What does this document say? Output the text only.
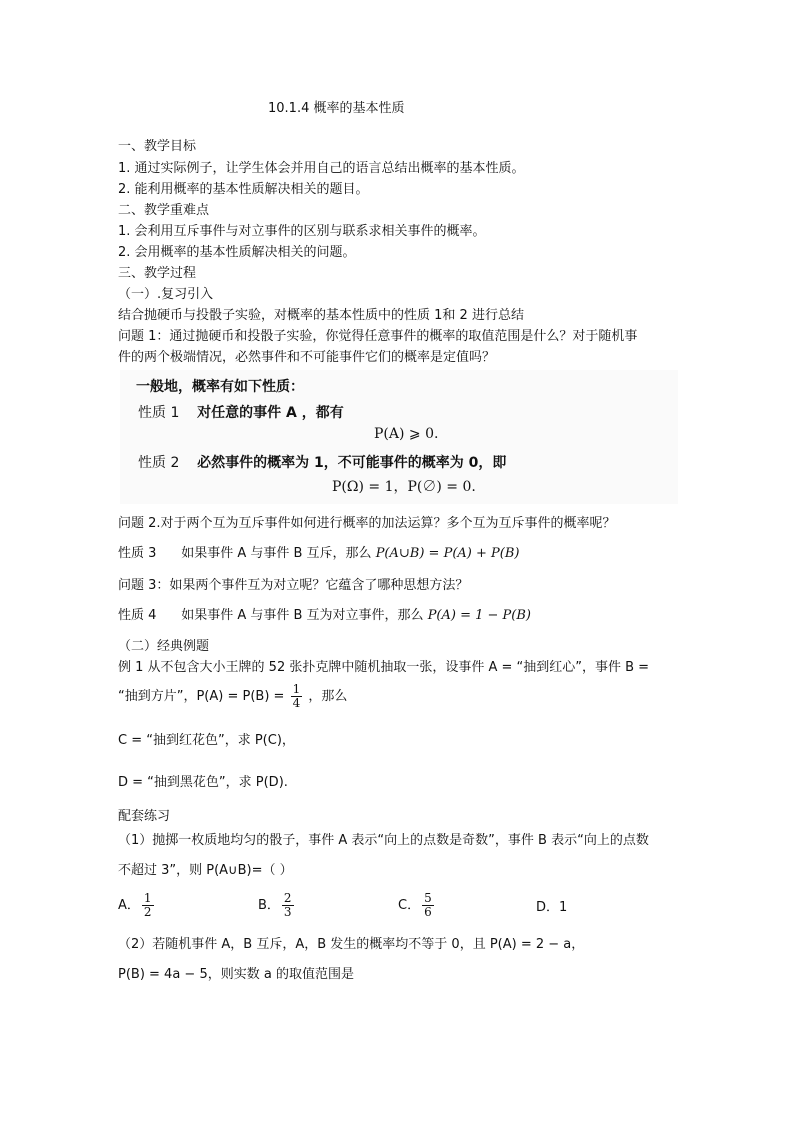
10.1.4 概率的基本性质
一、教学目标
1. 通过实际例子，让学生体会并用自己的语言总结出概率的基本性质。
2. 能利用概率的基本性质解决相关的题目。
二、教学重难点
1. 会利用互斥事件与对立事件的区别与联系求相关事件的概率。
2. 会用概率的基本性质解决相关的问题。
三、教学过程
（一）.复习引入
结合抛硬币与投骰子实验，对概率的基本性质中的性质 1和 2 进行总结
问题 1：通过抛硬币和投骰子实验，你觉得任意事件的概率的取值范围是什么？对于随机事
件的两个极端情况，必然事件和不可能事件它们的概率是定值吗？
一般地，概率有如下性质：
性质 1 对任意的事件 A ，都有
P(A) ⩾ 0.
性质 2 必然事件的概率为 1，不可能事件的概率为 0，即
P(Ω) = 1，P(∅) = 0.
问题 2.对于两个互为互斥事件如何进行概率的加法运算？多个互为互斥事件的概率呢？
性质 3 如果事件 A 与事件 B 互斥，那么 P(A∪B) = P(A) + P(B)
问题 3：如果两个事件互为对立呢？它蕴含了哪种思想方法？
性质 4 如果事件 A 与事件 B 互为对立事件，那么 P(A) = 1 − P(B)
（二）经典例题
例 1 从不包含大小王牌的 52 张扑克牌中随机抽取一张，设事件 A = “抽到红心”，事件 B =
“抽到方片”，$P(A) = P(B) = \frac{1}{4}$ ，那么
C = “抽到红花色”，求 P(C)，
D = “抽到黑花色”，求 P(D).
配套练习
（1）抛掷一枚质地均匀的骰子，事件 A 表示“向上的点数是奇数”，事件 B 表示“向上的点数
不超过 3”，则 P(A∪B)=（ ）
A． $\frac{1}{2}$	B． $\frac{2}{3}$	C． $\frac{5}{6}$	D．1
（2）若随机事件 A，B 互斥，A，B 发生的概率均不等于 0，且 P(A) = 2 − a，
P(B) = 4a − 5，则实数 a 的取值范围是
